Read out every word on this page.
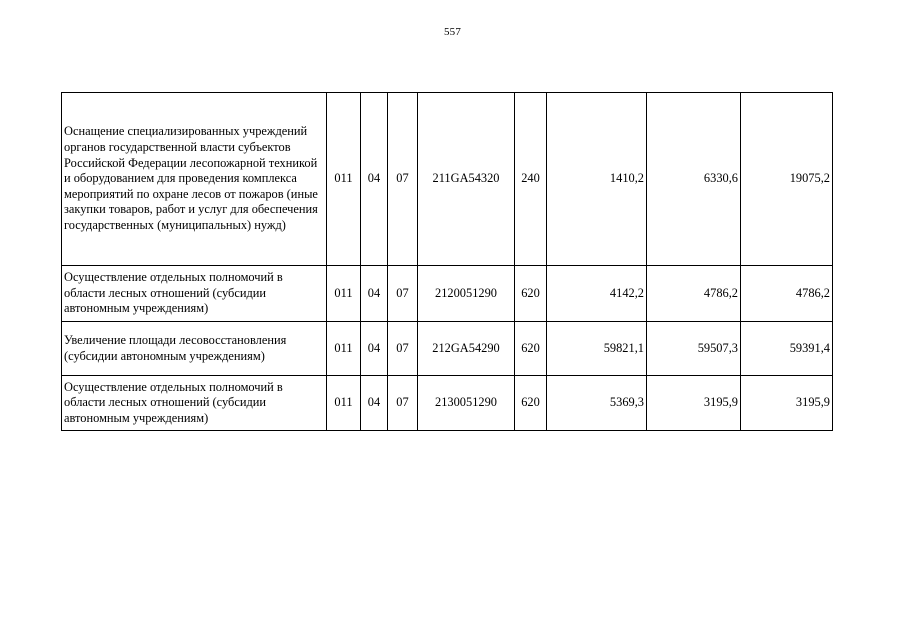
557
Оснащение специализированных учреждений органов государственной власти субъектов Российской Федерации лесопожарной техникой и оборудованием для проведения комплекса мероприятий по охране лесов от пожаров (иные закупки товаров, работ и услуг для обеспечения государственных (муниципальных) нужд)	011	04	07	211GA54320	240	1410,2	6330,6	19075,2
Осуществление отдельных полномочий в области лесных отношений (субсидии автономным учреждениям)	011	04	07	2120051290	620	4142,2	4786,2	4786,2
Увеличение площади лесовосстановления (субсидии автономным учреждениям)	011	04	07	212GA54290	620	59821,1	59507,3	59391,4
Осуществление отдельных полномочий в области лесных отношений (субсидии автономным учреждениям)	011	04	07	2130051290	620	5369,3	3195,9	3195,9
